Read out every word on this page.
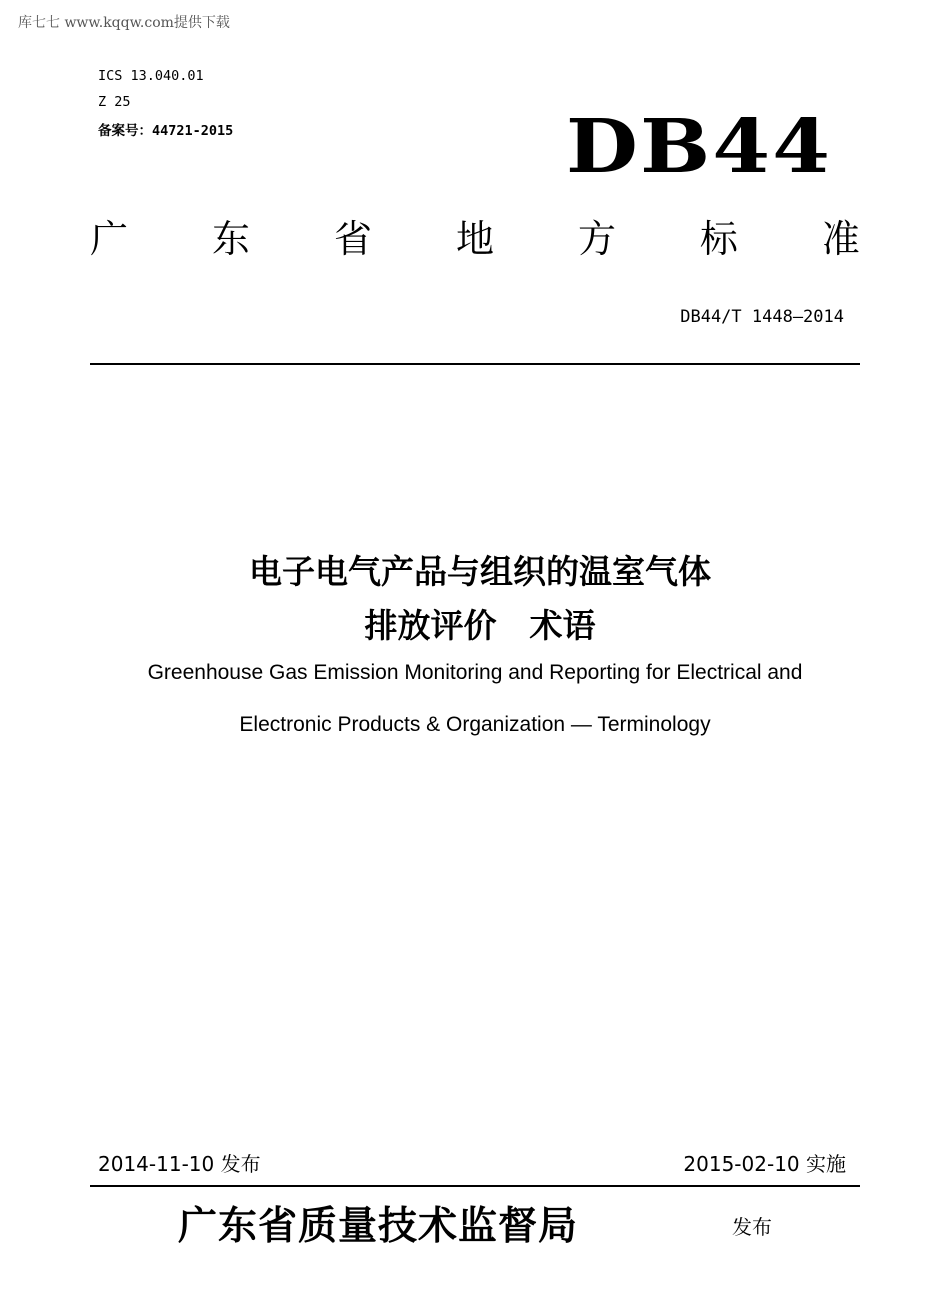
库七七 www.kqqw.com提供下载
ICS 13.040.01
Z 25
备案号：44721-2015	DB44
广 东 省 地 方 标 准
DB44/T 1448—2014
电子电气产品与组织的温室气体
排放评价　术语
Greenhouse Gas Emission Monitoring and Reporting for Electrical and
Electronic Products & Organization — Terminology
2014-11-10 发布	2015-02-10 实施
广东省质量技术监督局	发布
